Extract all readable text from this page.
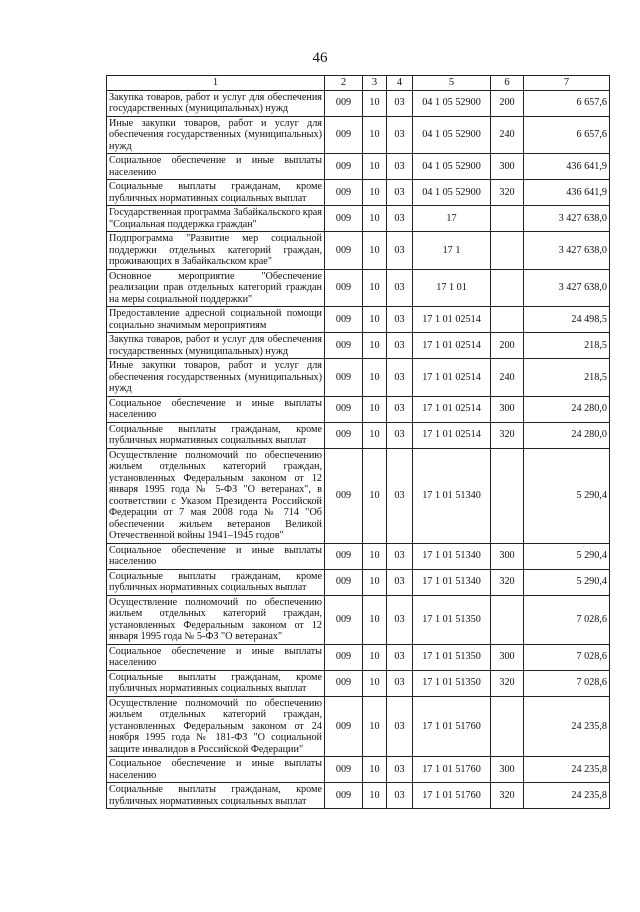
46
1	2	3	4	5	6	7
Закупка товаров, работ и услуг для обеспечения государственных (муниципальных) нужд	009	10	03	04 1 05 52900	200	6 657,6
Иные закупки товаров, работ и услуг для обеспечения государственных (муниципальных) нужд	009	10	03	04 1 05 52900	240	6 657,6
Социальное обеспечение и иные выплаты населению	009	10	03	04 1 05 52900	300	436 641,9
Социальные выплаты гражданам, кроме публичных нормативных социальных выплат	009	10	03	04 1 05 52900	320	436 641,9
Государственная программа Забайкальского края "Социальная поддержка граждан"	009	10	03	17		3 427 638,0
Подпрограмма "Развитие мер социальной поддержки отдельных категорий граждан, проживающих в Забайкальском крае"	009	10	03	17 1		3 427 638,0
Основное мероприятие "Обеспечение реализации прав отдельных категорий граждан на меры социальной поддержки"	009	10	03	17 1 01		3 427 638,0
Предоставление адресной социальной помощи социально значимым мероприятиям	009	10	03	17 1 01 02514		24 498,5
Закупка товаров, работ и услуг для обеспечения государственных (муниципальных) нужд	009	10	03	17 1 01 02514	200	218,5
Иные закупки товаров, работ и услуг для обеспечения государственных (муниципальных) нужд	009	10	03	17 1 01 02514	240	218,5
Социальное обеспечение и иные выплаты населению	009	10	03	17 1 01 02514	300	24 280,0
Социальные выплаты гражданам, кроме публичных нормативных социальных выплат	009	10	03	17 1 01 02514	320	24 280,0
Осуществление полномочий по обеспечению жильем отдельных категорий граждан, установленных Федеральным законом от 12 января 1995 года № 5-ФЗ "О ветеранах", в соответствии с Указом Президента Российской Федерации от 7 мая 2008 года № 714 "Об обеспечении жильем ветеранов Великой Отечественной войны 1941–1945 годов"	009	10	03	17 1 01 51340		5 290,4
Социальное обеспечение и иные выплаты населению	009	10	03	17 1 01 51340	300	5 290,4
Социальные выплаты гражданам, кроме публичных нормативных социальных выплат	009	10	03	17 1 01 51340	320	5 290,4
Осуществление полномочий по обеспечению жильем отдельных категорий граждан, установленных Федеральным законом от 12 января 1995 года № 5-ФЗ "О ветеранах"	009	10	03	17 1 01 51350		7 028,6
Социальное обеспечение и иные выплаты населению	009	10	03	17 1 01 51350	300	7 028,6
Социальные выплаты гражданам, кроме публичных нормативных социальных выплат	009	10	03	17 1 01 51350	320	7 028,6
Осуществление полномочий по обеспечению жильем отдельных категорий граждан, установленных Федеральным законом от 24 ноября 1995 года № 181-ФЗ "О социальной защите инвалидов в Российской Федерации"	009	10	03	17 1 01 51760		24 235,8
Социальное обеспечение и иные выплаты населению	009	10	03	17 1 01 51760	300	24 235,8
Социальные выплаты гражданам, кроме публичных нормативных социальных выплат	009	10	03	17 1 01 51760	320	24 235,8
